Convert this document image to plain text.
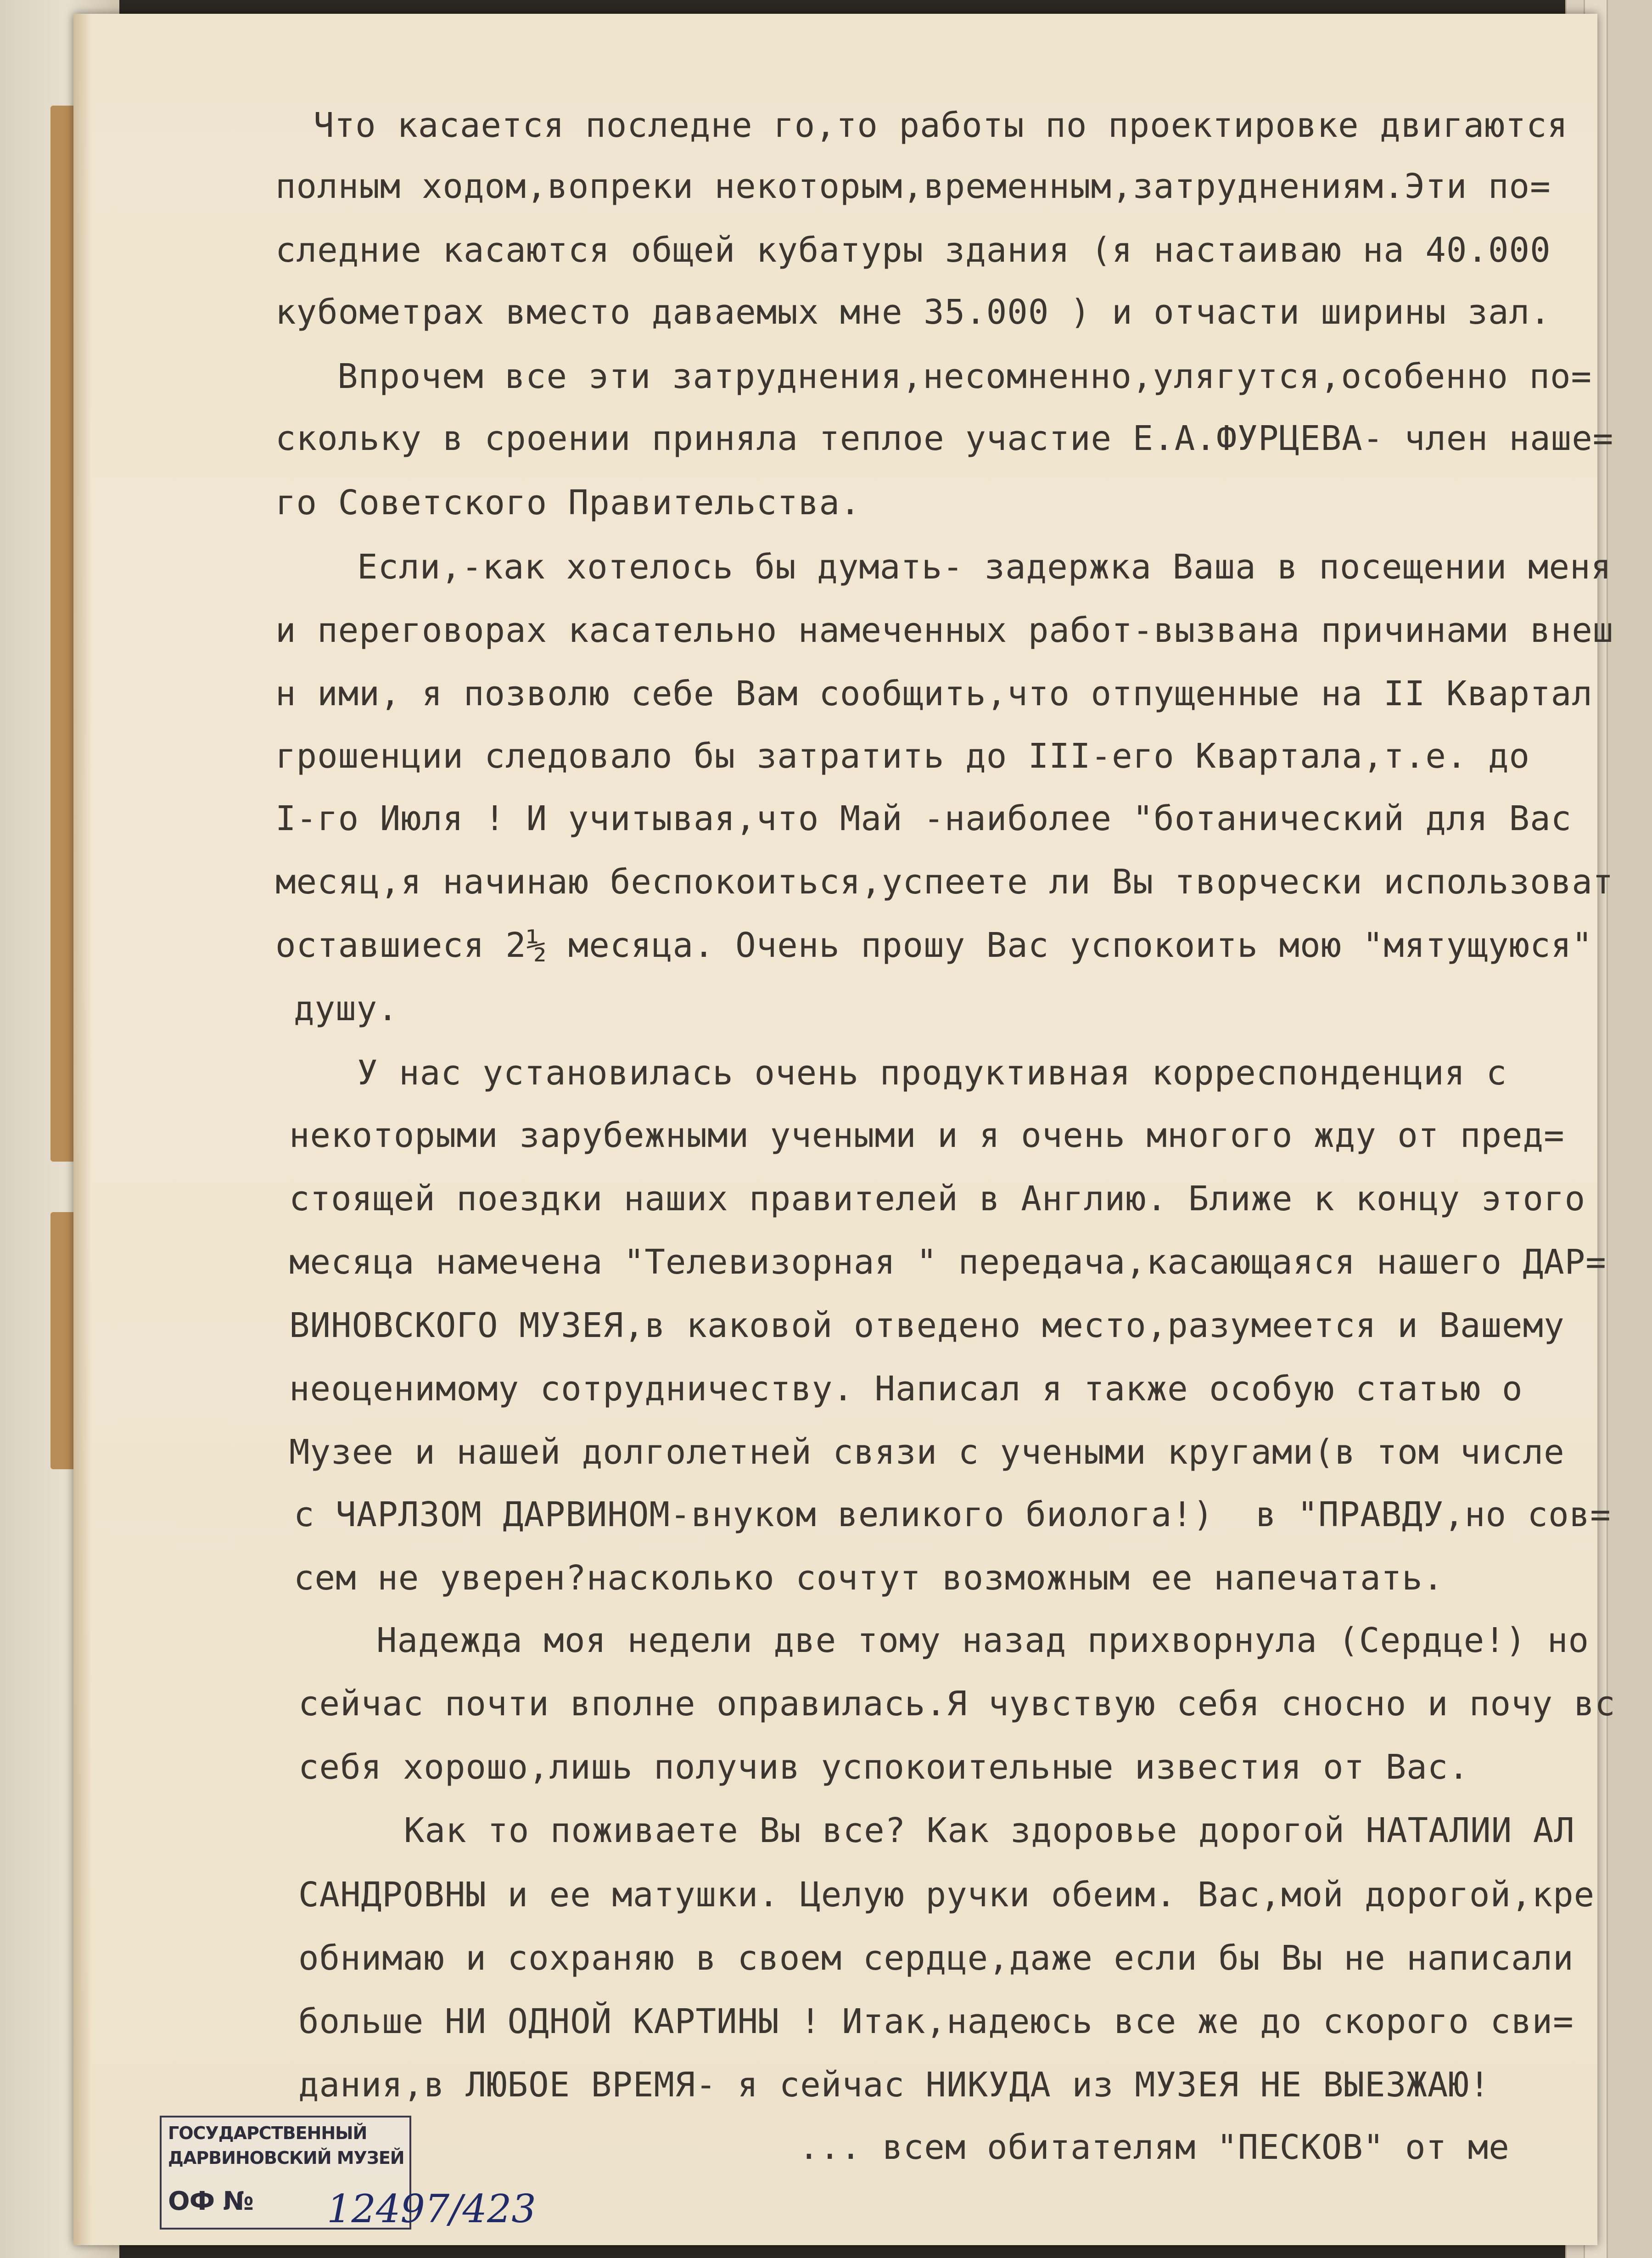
Что касается последне го,то работы по проектировке двигаются
полным ходом,вопреки некоторым,временным,затруднениям.Эти по=
следние касаются общей кубатуры здания (я настаиваю на 40.000
кубометрах вместо даваемых мне 35.000 ) и отчасти ширины зал.
Впрочем все эти затруднения,несомненно,улягутся,особенно по=
скольку в сроении приняла теплое участие Е.А.ФУРЦЕВА- член наше=
го Советского Правительства.
Если,-как хотелось бы думать- задержка Ваша в посещении меня
и переговорах касательно намеченных работ-вызвана причинами внеш
н ими, я позволю себе Вам сообщить,что отпущенные на II Квартал
грошенции следовало бы затратить до III-его Квартала,т.е. до
I-го Июля ! И учитывая,что Май -наиболее "ботанический для Вас
месяц,я начинаю беспокоиться,успеете ли Вы творчески использоват
оставшиеся 2½ месяца. Очень прошу Вас успокоить мою "мятущуюся"
душу.
У нас установилась очень продуктивная корреспонденция с
некоторыми зарубежными учеными и я очень многого жду от пред=
стоящей поездки наших правителей в Англию. Ближе к концу этого
месяца намечена "Телевизорная " передача,касающаяся нашего ДАР=
ВИНОВСКОГО МУЗЕЯ,в каковой отведено место,разумеется и Вашему
неоценимому сотрудничеству. Написал я также особую статью о
Музее и нашей долголетней связи с учеными кругами(в том числе
с ЧАРЛЗОМ ДАРВИНОМ-внуком великого биолога!)  в "ПРАВДУ,но сов=
сем не уверен?насколько сочтут возможным ее напечатать.
Надежда моя недели две тому назад прихворнула (Сердце!) но
сейчас почти вполне оправилась.Я чувствую себя сносно и почу вс
себя хорошо,лишь получив успокоительные известия от Вас.
Как то поживаете Вы все? Как здоровье дорогой НАТАЛИИ АЛ
САНДРОВНЫ и ее матушки. Целую ручки обеим. Вас,мой дорогой,кре
обнимаю и сохраняю в своем сердце,даже если бы Вы не написали
больше НИ ОДНОЙ КАРТИНЫ ! Итак,надеюсь все же до скорого сви=
дания,в ЛЮБОЕ ВРЕМЯ- я сейчас НИКУДА из МУЗЕЯ НЕ ВЫЕЗЖАЮ!
... всем обитателям "ПЕСКОВ" от ме
ГОСУДАРСТВЕННЫЙ
ДАРВИНОВСКИЙ МУЗЕЙ
ОФ № 12497/423
